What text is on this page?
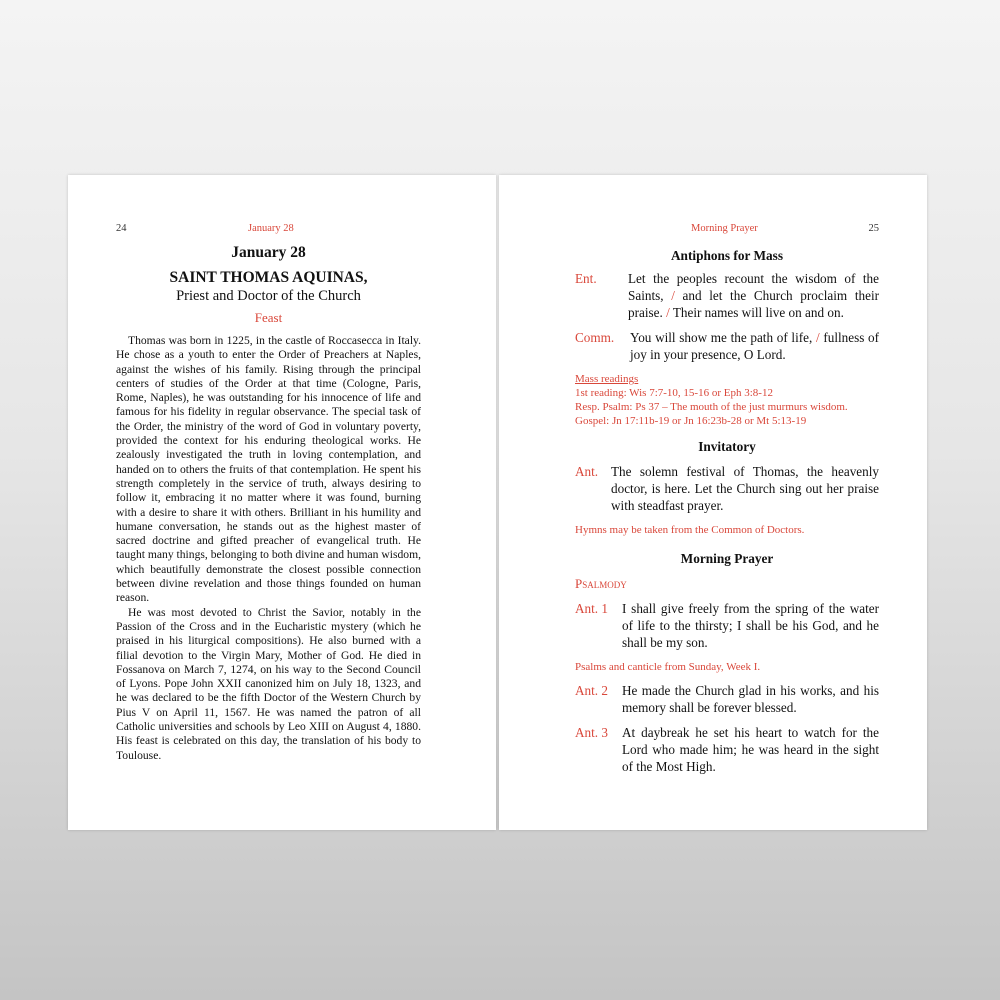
24	January 28
January 28
SAINT THOMAS AQUINAS,
Priest and Doctor of the Church
Feast

Thomas was born in 1225, in the castle of Roccasecca in Italy. He chose as a youth to enter the Order of Preachers at Naples, against the wishes of his family. Rising through the principal centers of studies of the Order at that time (Cologne, Paris, Rome, Naples), he was outstanding for his innocence of life and famous for his fidelity in regular observance. The special task of the Order, the ministry of the word of God in voluntary poverty, provided the context for his enduring theological works. He zealously investigated the truth in loving contemplation, and handed on to others the fruits of that contemplation. He spent his strength completely in the service of truth, always desiring to follow it, embracing it no matter where it was found, burning with a desire to share it with others. Brilliant in his humility and humane conversation, he stands out as the highest master of sacred doctrine and gifted preacher of evangelical truth. He taught many things, belonging to both divine and human wisdom, which beautifully demonstrate the closest possible connection between divine revelation and those things founded on human reason.

He was most devoted to Christ the Savior, notably in the Passion of the Cross and in the Eucharistic mystery (which he praised in his liturgical compositions). He also burned with a filial devotion to the Virgin Mary, Mother of God. He died in Fossanova on March 7, 1274, on his way to the Second Council of Lyons. Pope John XXII canonized him on July 18, 1323, and he was declared to be the fifth Doctor of the Western Church by Pius V on April 11, 1567. He was named the patron of all Catholic universities and schools by Leo XIII on August 4, 1880. His feast is celebrated on this day, the translation of his body to Toulouse.

Morning Prayer	25
Antiphons for Mass
Ent.	Let the peoples recount the wisdom of the Saints, / and let the Church proclaim their praise. / Their names will live on and on.
Comm.	You will show me the path of life, / fullness of joy in your presence, O Lord.
Mass readings
1st reading: Wis 7:7-10, 15-16 or Eph 3:8-12
Resp. Psalm: Ps 37 – The mouth of the just murmurs wisdom.
Gospel: Jn 17:11b-19 or Jn 16:23b-28 or Mt 5:13-19
Invitatory
Ant. The solemn festival of Thomas, the heavenly doctor, is here. Let the Church sing out her praise with steadfast prayer.
Hymns may be taken from the Common of Doctors.
Morning Prayer
Psalmody
Ant. 1	I shall give freely from the spring of the water of life to the thirsty; I shall be his God, and he shall be my son.
Psalms and canticle from Sunday, Week I.
Ant. 2	He made the Church glad in his works, and his memory shall be forever blessed.
Ant. 3	At daybreak he set his heart to watch for the Lord who made him; he was heard in the sight of the Most High.
